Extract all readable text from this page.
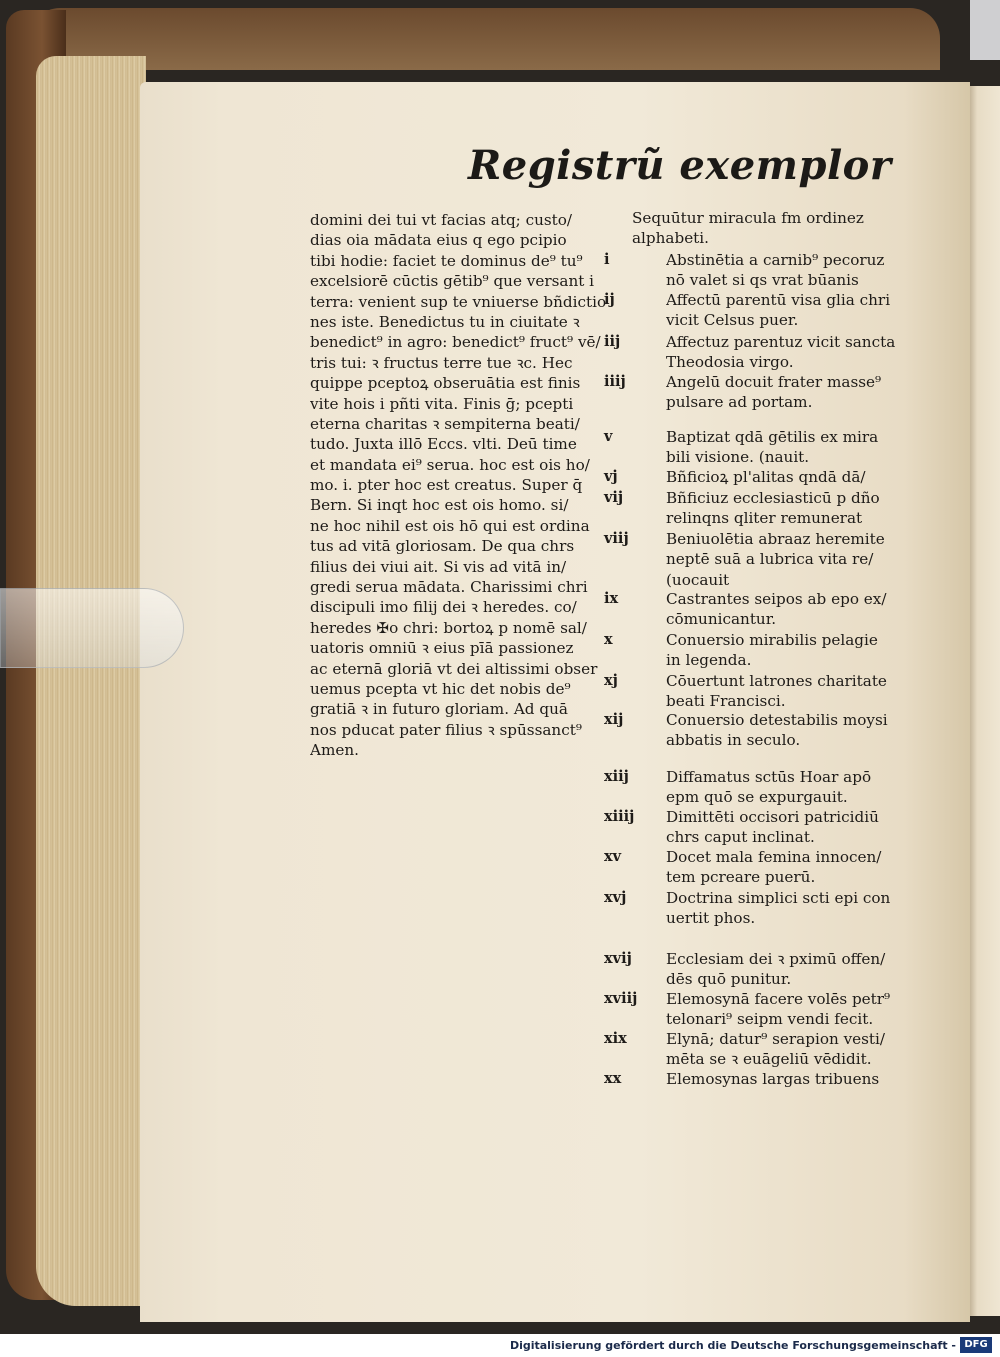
Registrũ exemplor
domini dei tui vt facias atq; custo/
dias oia mādata eius q ego pcipio
tibi hodie: faciet te dominus de⁹ tu⁹
excelsiorē cūctis gētib⁹ que versant i
terra: venient sup te vniuerse bñdictio
nes iste. Benedictus tu in ciuitate ꝛ
benedict⁹ in agro: benedict⁹ fruct⁹ vē/
tris tui: ꝛ fructus terre tue ꝛc. Hec
quippe pceptoꝝ obseruātia est finis
vite hois i pñti vita. Finis ḡ; pcepti
eterna charitas ꝛ sempiterna beati/
tudo. Juxta illō Eccs. vlti. Deū time
et mandata ei⁹ serua. hoc est ois ho/
mo. i. pter hoc est creatus. Super q̄
Bern. Si inqt hoc est ois homo. si/
ne hoc nihil est ois hō qui est ordina
tus ad vitā gloriosam. De qua chrs
filius dei viui ait. Si vis ad vitā in/
gredi serua mādata. Charissimi chri
discipuli imo filij dei ꝛ heredes. co/
heredes ✠o chri: bortoꝝ p nomē sal/
uatoris omniū ꝛ eius pīā passionez
ac eternā gloriā vt dei altissimi obser
uemus pcepta vt hic det nobis de⁹
gratiā ꝛ in futuro gloriam. Ad quā
nos pducat pater filius ꝛ spūssanct⁹
Amen.
Sequūtur miracula fm ordinez
alphabeti.
i	Abstinētia a carnib⁹ pecoruz
nō valet si qs vrat būanis
ij	Affectū parentū visa glia chri
vicit Celsus puer.
iij	Affectuz parentuz vicit sancta
Theodosia virgo.
iiij	Angelū docuit frater masse⁹
pulsare ad portam.
v	Baptizat qdā gētilis ex mira
bili visione. (nauit.
vj	Bñficioꝝ pl'alitas qndā dā/
vij	Bñficiuz ecclesiasticū p dño
relinqns qliter remunerat
viij	Beniuolētia abraaz heremite
neptē suā a lubrica vita re/
(uocauit
ix	Castrantes seipos ab epo ex/
cōmunicantur.
x	Conuersio mirabilis pelagie
in legenda.
xj	Cōuertunt latrones charitate
beati Francisci.
xij	Conuersio detestabilis moysi
abbatis in seculo.
xiij	Diffamatus sctūs Hoar apō
epm quō se expurgauit.
xiiij	Dimittēti occisori patricidiū
chrs caput inclinat.
xv	Docet mala femina innocen/
tem pcreare puerū.
xvj	Doctrina simplici scti epi con
uertit phos.
xvij	Ecclesiam dei ꝛ pximū offen/
dēs quō punitur.
xviij	Elemosynā facere volēs petr⁹
telonari⁹ seipm vendi fecit.
xix	Elynā; datur⁹ serapion vesti/
mēta se ꝛ euāgeliū vēdidit.
xx	Elemosynas largas tribuens
Digitalisierung gefördert durch die Deutsche Forschungsgemeinschaft - DFG
